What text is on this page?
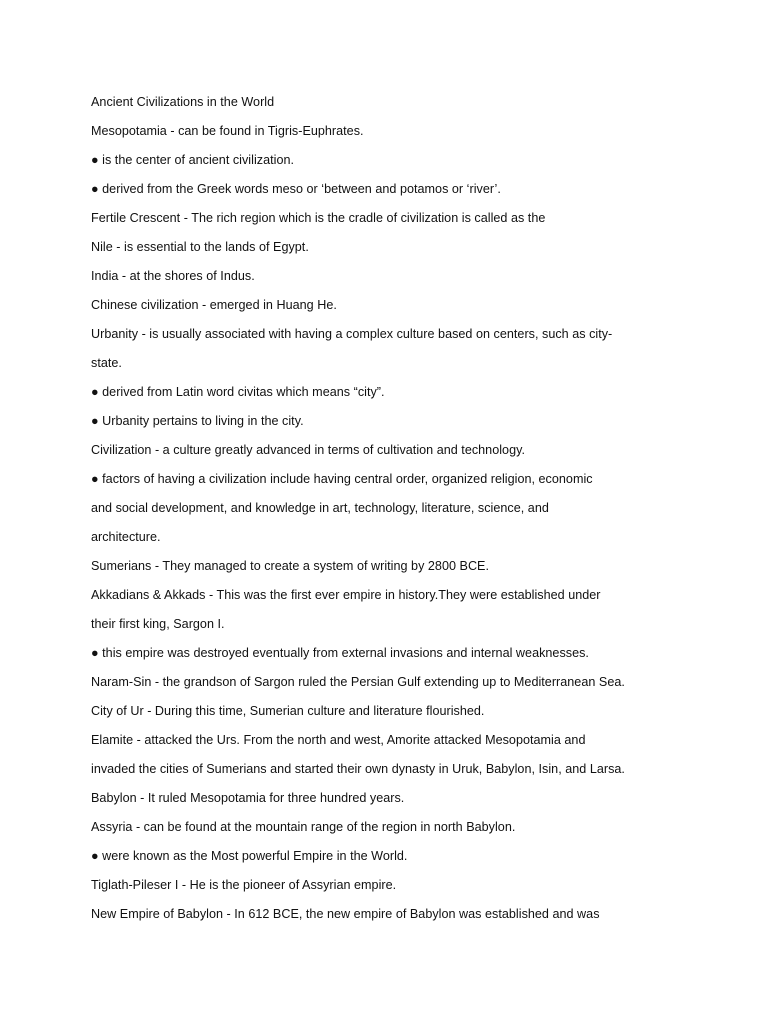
Ancient Civilizations in the World
Mesopotamia - can be found in Tigris-Euphrates.
● is the center of ancient civilization.
● derived from the Greek words meso or ‘between and potamos or ‘river’.
Fertile Crescent - The rich region which is the cradle of civilization is called as the
Nile - is essential to the lands of Egypt.
India - at the shores of Indus.
Chinese civilization - emerged in Huang He.
Urbanity - is usually associated with having a complex culture based on centers, such as city-
state.
● derived from Latin word civitas which means “city”.
● Urbanity pertains to living in the city.
Civilization - a culture greatly advanced in terms of cultivation and technology.
● factors of having a civilization include having central order, organized religion, economic
and social development, and knowledge in art, technology, literature, science, and
architecture.
Sumerians - They managed to create a system of writing by 2800 BCE.
Akkadians & Akkads - This was the first ever empire in history.They were established under
their first king, Sargon I.
● this empire was destroyed eventually from external invasions and internal weaknesses.
Naram-Sin - the grandson of Sargon ruled the Persian Gulf extending up to Mediterranean Sea.
City of Ur - During this time, Sumerian culture and literature flourished.
Elamite - attacked the Urs. From the north and west, Amorite attacked Mesopotamia and
invaded the cities of Sumerians and started their own dynasty in Uruk, Babylon, Isin, and Larsa.
Babylon - It ruled Mesopotamia for three hundred years.
Assyria - can be found at the mountain range of the region in north Babylon.
● were known as the Most powerful Empire in the World.
Tiglath-Pileser I - He is the pioneer of Assyrian empire.
New Empire of Babylon - In 612 BCE, the new empire of Babylon was established and was
